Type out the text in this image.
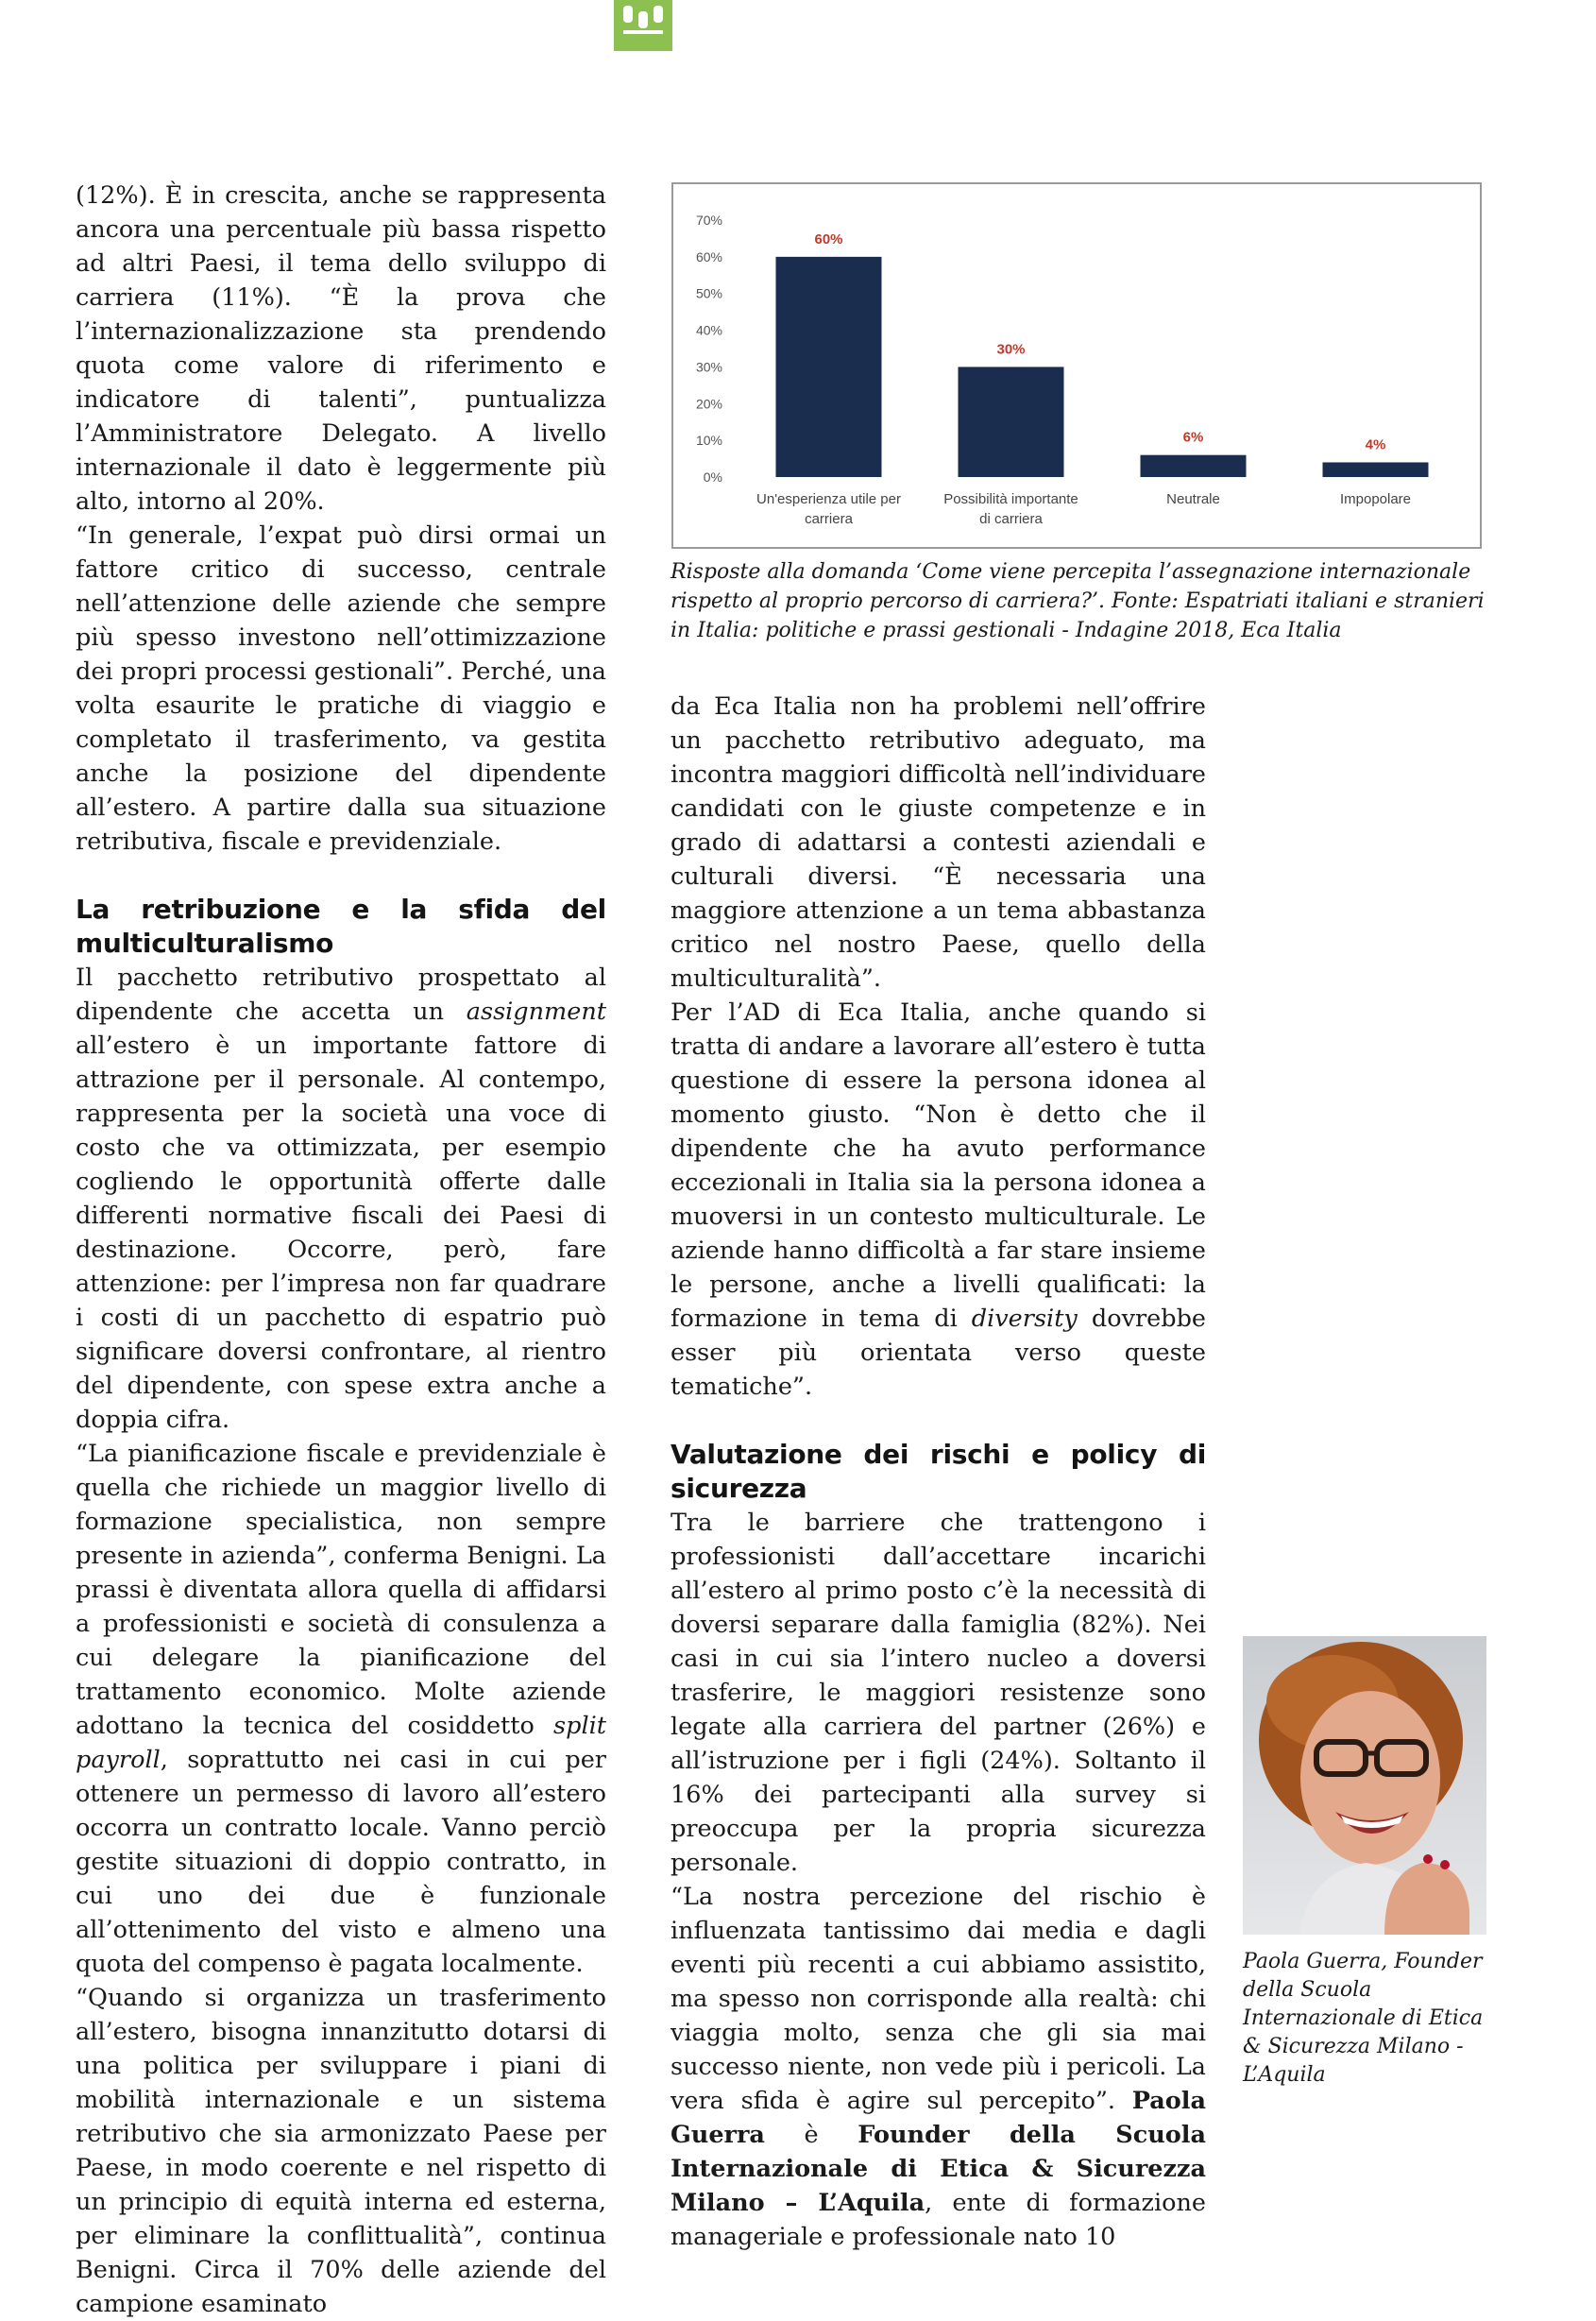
(12%). È in crescita, anche se rappresenta ancora una percentuale più bassa rispetto ad altri Paesi, il tema dello sviluppo di carriera (11%). “È la prova che l’internazionalizzazione sta prendendo quota come valore di riferimento e indicatore di talenti”, puntualizza l’Amministratore Delegato. A livello internazionale il dato è leggermente più alto, intorno al 20%.

“In generale, l’expat può dirsi ormai un fattore critico di successo, centrale nell’attenzione delle aziende che sempre più spesso investono nell’ottimizzazione dei propri processi gestionali”. Perché, una volta esaurite le pratiche di viaggio e completato il trasferimento, va gestita anche la posizione del dipendente all’estero. A partire dalla sua situazione retributiva, fiscale e previdenziale.

La retribuzione e la sfida del multiculturalismo

Il pacchetto retributivo prospettato al dipendente che accetta un assignment all’estero è un importante fattore di attrazione per il personale. Al contempo, rappresenta per la società una voce di costo che va ottimizzata, per esempio cogliendo le opportunità offerte dalle differenti normative fiscali dei Paesi di destinazione. Occorre, però, fare attenzione: per l’impresa non far quadrare i costi di un pacchetto di espatrio può significare doversi confrontare, al rientro del dipendente, con spese extra anche a doppia cifra.

“La pianificazione fiscale e previdenziale è quella che richiede un maggior livello di formazione specialistica, non sempre presente in azienda”, conferma Benigni. La prassi è diventata allora quella di affidarsi a professionisti e società di consulenza a cui delegare la pianificazione del trattamento economico. Molte aziende adottano la tecnica del cosiddetto split payroll, soprattutto nei casi in cui per ottenere un permesso di lavoro all’estero occorra un contratto locale. Vanno perciò gestite situazioni di doppio contratto, in cui uno dei due è funzionale all’ottenimento del visto e almeno una quota del compenso è pagata localmente.

“Quando si organizza un trasferimento all’estero, bisogna innanzitutto dotarsi di una politica per sviluppare i piani di mobilità internazionale e un sistema retributivo che sia armonizzato Paese per Paese, in modo coerente e nel rispetto di un principio di equità interna ed esterna, per eliminare la conflittualità”, continua Benigni. Circa il 70% delle aziende del campione esaminato

0%
10%
20%
30%
40%
50%
60%
70%
60%
Un'esperienza utile per
carriera
30%
Possibilità importante
di carriera
6%
Neutrale
4%
Impopolare
Risposte alla domanda ‘Come viene percepita l’assegnazione internazionale rispetto al proprio percorso di carriera?’. Fonte: Espatriati italiani e stranieri in Italia: politiche e prassi gestionali - Indagine 2018, Eca Italia

da Eca Italia non ha problemi nell’offrire un pacchetto retributivo adeguato, ma incontra maggiori difficoltà nell’individuare candidati con le giuste competenze e in grado di adattarsi a contesti aziendali e culturali diversi. “È necessaria una maggiore attenzione a un tema abbastanza critico nel nostro Paese, quello della multiculturalità”.

Per l’AD di Eca Italia, anche quando si tratta di andare a lavorare all’estero è tutta questione di essere la persona idonea al momento giusto. “Non è detto che il dipendente che ha avuto performance eccezionali in Italia sia la persona idonea a muoversi in un contesto multiculturale. Le aziende hanno difficoltà a far stare insieme le persone, anche a livelli qualificati: la formazione in tema di diversity dovrebbe esser più orientata verso queste tematiche”.

Valutazione dei rischi e policy di sicurezza

Tra le barriere che trattengono i professionisti dall’accettare incarichi all’estero al primo posto c’è la necessità di doversi separare dalla famiglia (82%). Nei casi in cui sia l’intero nucleo a doversi trasferire, le maggiori resistenze sono legate alla carriera del partner (26%) e all’istruzione per i figli (24%). Soltanto il 16% dei partecipanti alla survey si preoccupa per la propria sicurezza personale.

“La nostra percezione del rischio è influenzata tantissimo dai media e dagli eventi più recenti a cui abbiamo assistito, ma spesso non corrisponde alla realtà: chi viaggia molto, senza che gli sia mai successo niente, non vede più i pericoli. La vera sfida è agire sul percepito”. Paola Guerra è Founder della Scuola Internazionale di Etica & Sicurezza Milano – L’Aquila, ente di formazione manageriale e professionale nato 10

Paola Guerra, Founder della Scuola Internazionale di Etica & Sicurezza Milano - L’Aquila
